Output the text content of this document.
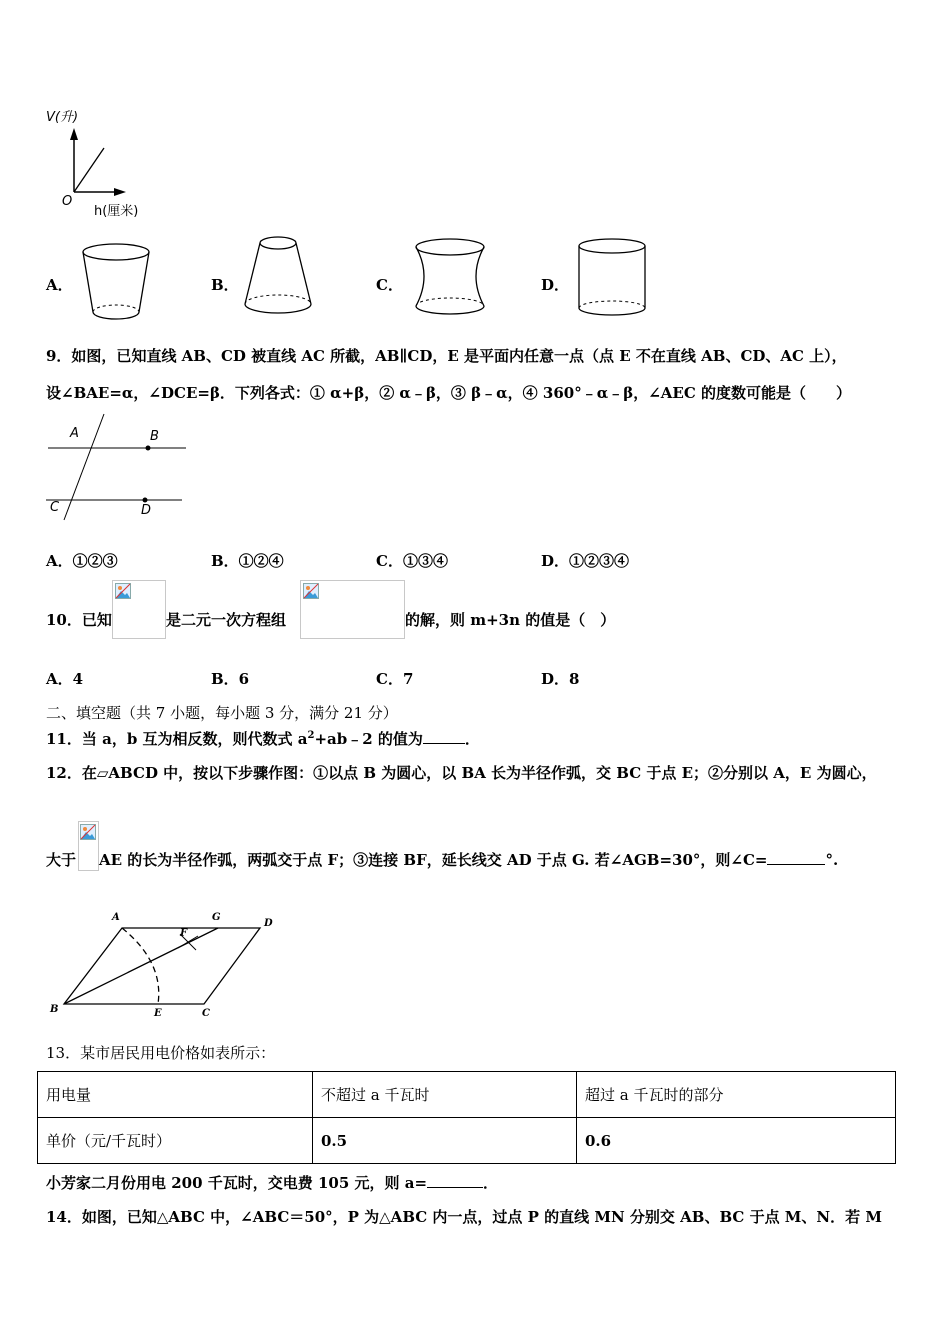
V(升)
O
h(厘米)
A．	B．	C．	D．
9．如图，已知直线 AB、CD 被直线 AC 所截，AB∥CD，E 是平面内任意一点（点 E 不在直线 AB、CD、AC 上），
设∠BAE=α，∠DCE=β．下列各式：① α+β，② α﹣β，③ β﹣α，④ 360°﹣α﹣β，∠AEC 的度数可能是（　　）
A	B
C	D
A．①②③	B．①②④	C．①③④	D．①②③④
10．已知	是二元一次方程组	的解，则 m+3n 的值是（　）
A．4	B．6	C．7	D．8
二、填空题（共 7 小题，每小题 3 分，满分 21 分）
11．当 a，b 互为相反数，则代数式 $a^2+ab﹣2$ 的值为	．
12．在▱ABCD 中，按以下步骤作图：①以点 B 为圆心，以 BA 长为半径作弧，交 BC 于点 E；②分别以 A，E 为圆心，
大于 AE 的长为半径作弧，两弧交于点 F；③连接 BF，延长线交 AD 于点 G. 若∠AGB=30°，则∠C=	°.
A	G
D
F
B	E	C
13．某市居民用电价格如表所示：
用电量	不超过 a 千瓦时	超过 a 千瓦时的部分
单价（元/千瓦时）	0.5	0.6
小芳家二月份用电 200 千瓦时，交电费 105 元，则 a=	．
14．如图，已知△ABC 中，∠ABC＝50°，P 为△ABC 内一点，过点 P 的直线 MN 分别交 AB、BC 于点 M、N．若 M
